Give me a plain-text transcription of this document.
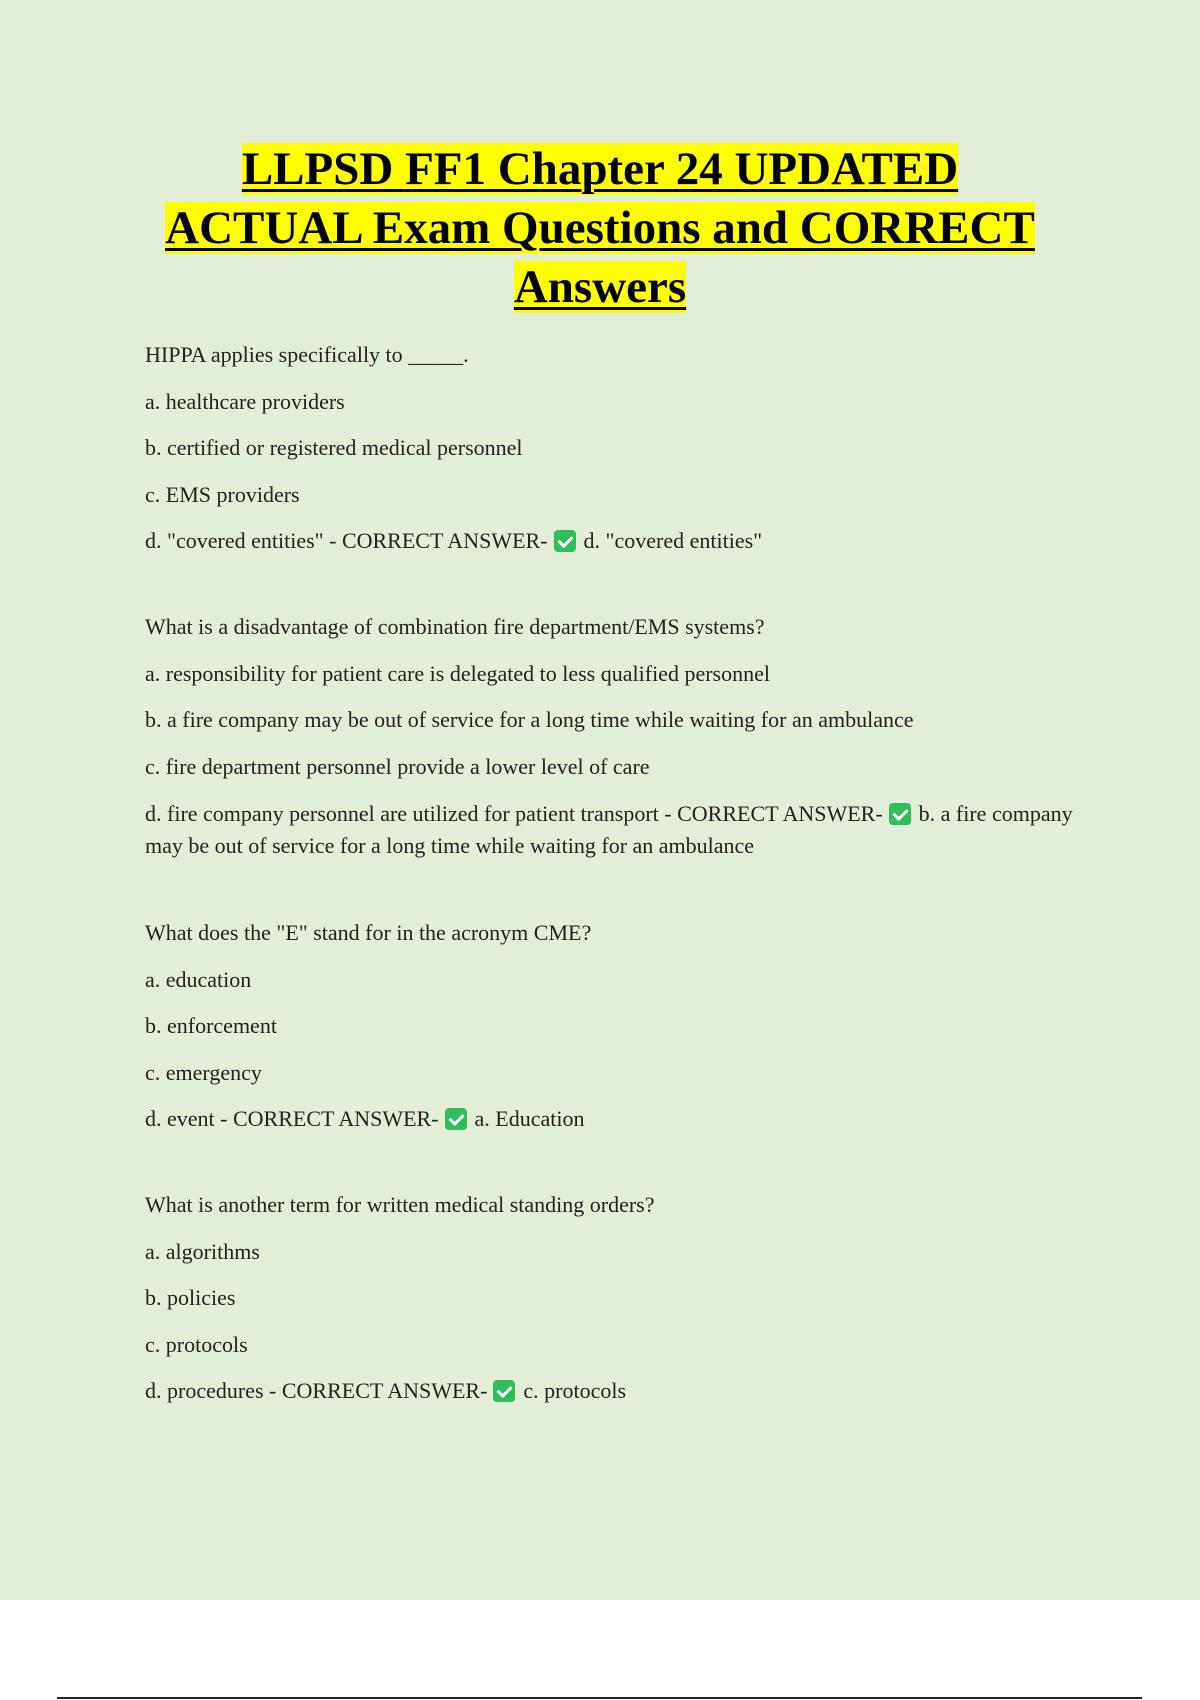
LLPSD FF1 Chapter 24 UPDATED
ACTUAL Exam Questions and CORRECT
Answers
HIPPA applies specifically to _____.
a. healthcare providers
b. certified or registered medical personnel
c. EMS providers
d. "covered entities" - CORRECT ANSWER- d. "covered entities"
What is a disadvantage of combination fire department/EMS systems?
a. responsibility for patient care is delegated to less qualified personnel
b. a fire company may be out of service for a long time while waiting for an ambulance
c. fire department personnel provide a lower level of care
d. fire company personnel are utilized for patient transport - CORRECT ANSWER- b. a fire company may be out of service for a long time while waiting for an ambulance
What does the "E" stand for in the acronym CME?
a. education
b. enforcement
c. emergency
d. event - CORRECT ANSWER- a. Education
What is another term for written medical standing orders?
a. algorithms
b. policies
c. protocols
d. procedures - CORRECT ANSWER- c. protocols
